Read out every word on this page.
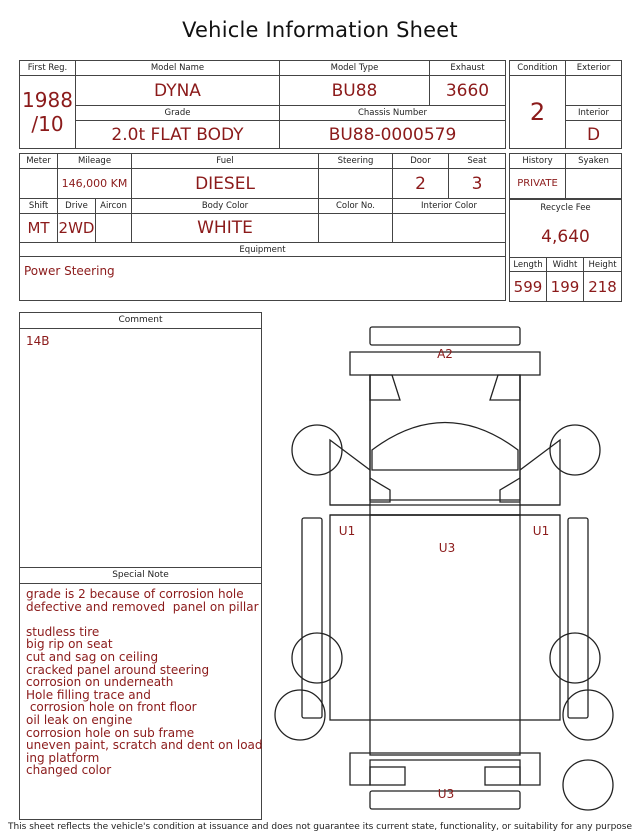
Vehicle Information Sheet
First Reg.	Model Name	Model Type	Exhaust

1988
/10	DYNA	BU88	3660
	Grade	Chassis Number	
	2.0t FLAT BODY	BU88-0000579	
Condition	Exterior
2	
	Interior
	D
Meter	Mileage		Fuel	Steering	Door	Seat
	146,000 KM		DIESEL		2	3
Shift	Drive	Aircon	Body Color	Color No.	Interior Color	
MT	2WD		WHITE			
Equipment						
Power Steering						
History	Syaken
PRIVATE	
Recycle Fee
4,640		

Length	Widht	Height
599	199	218
Comment
14B
Special Note
grade is 2 because of corrosion hole
defective and removed  panel on pillar

studless tire
big rip on seat
cut and sag on ceiling
cracked panel around steering
corrosion on underneath
Hole filling trace and
corrosion hole on front floor
oil leak on engine
corrosion hole on sub frame
uneven paint, scratch and dent on load
ing platform
changed color
A2
U1	U1
U3
U3
This sheet reflects the vehicle's condition at issuance and does not guarantee its current state, functionality, or suitability for any purpose
